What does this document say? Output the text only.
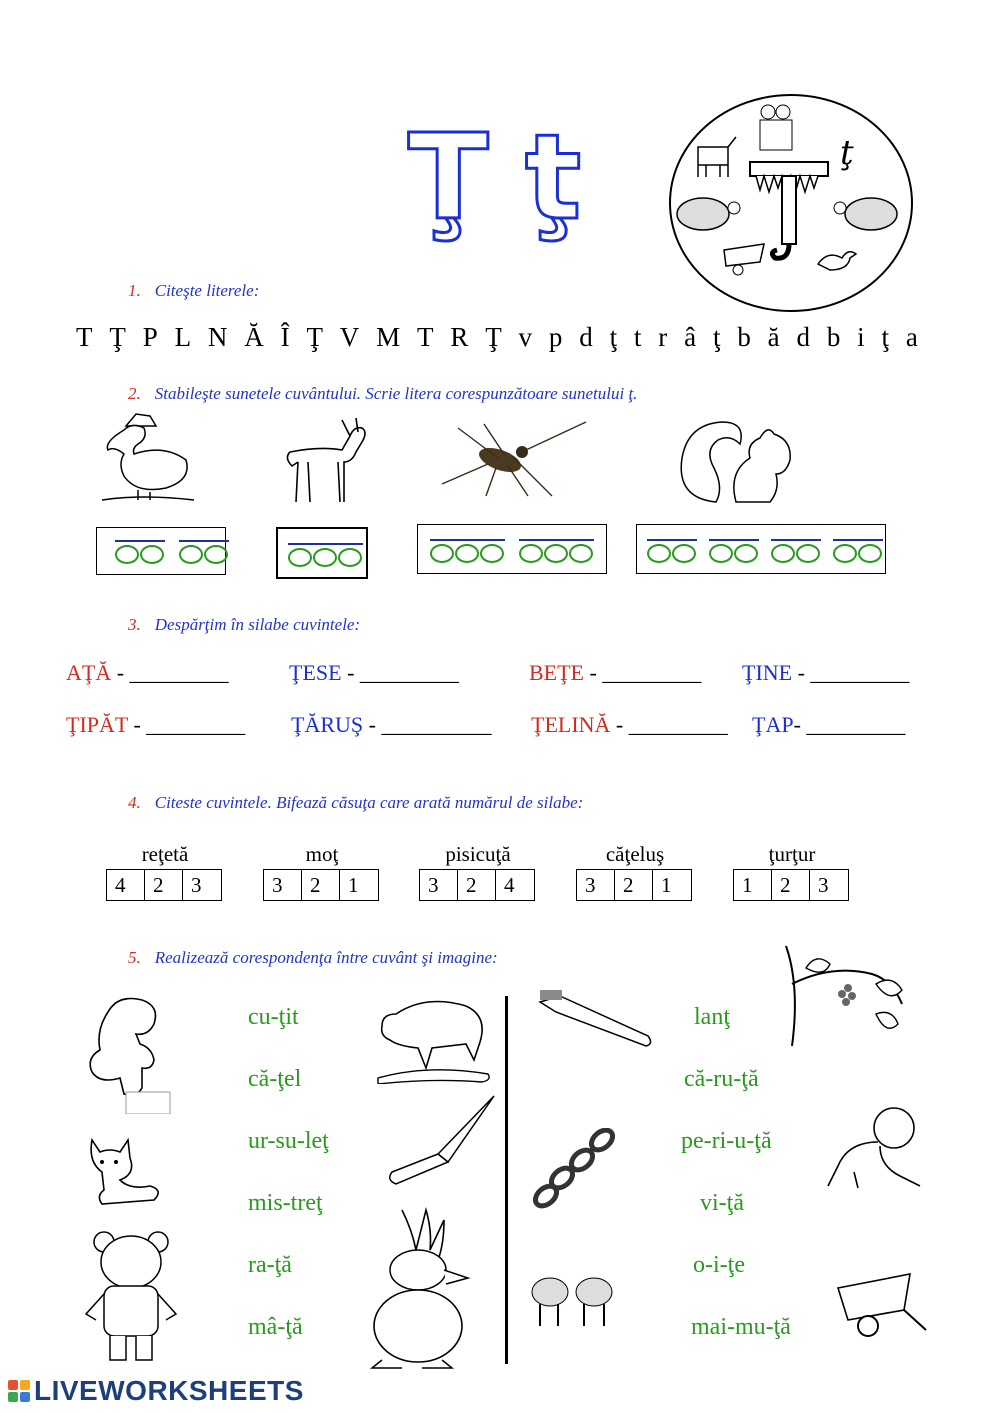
Ţ ţ	ţ
1. Citeşte literele:
T Ţ P L N Ă Î Ţ V M T R Ţ v p d ţ t r â ţ b ă d b i ţ a
2. Stabileşte sunetele cuvântului. Scrie litera corespunzătoare sunetului ţ.
3. Despărţim în silabe cuvintele:
AŢĂ - _________	ŢESE - _________	BEŢE - _________ ŢINE - _________
ŢIPĂT - _________ ŢĂRUŞ - __________ ŢELINĂ - _________ ŢAP- _________
4. Citeste cuvintele. Bifează căsuţa care arată numărul de silabe:
reţetă
4	2	3
moţ
3	2	1
pisicuţă
3	2	4
căţeluş
3	2	1
ţurţur
1	2	3
5. Realizează corespondenţa între cuvânt şi imagine:
cu-ţit
că-ţel
ur-su-leţ
mis-treţ
ra-ţă
mâ-ţă
lanţ
că-ru-ţă
pe-ri-u-ţă
vi-ţă
o-i-ţe
mai-mu-ţă
LIVEWORKSHEETS
